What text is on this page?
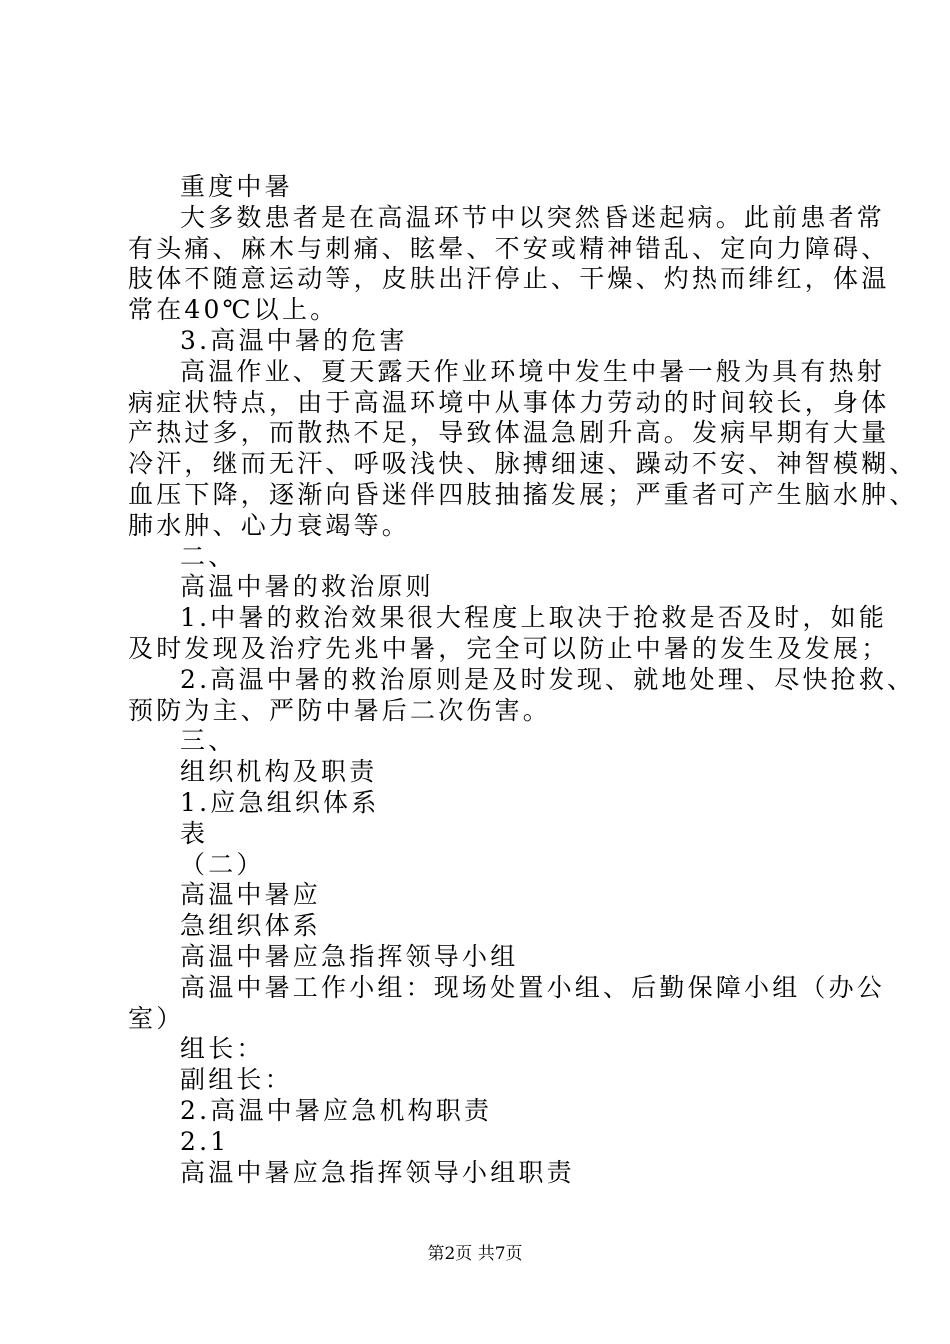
重度中暑
大多数患者是在高温环节中以突然昏迷起病。此前患者常
有头痛、麻木与刺痛、眩晕、不安或精神错乱、定向力障碍、
肢体不随意运动等，皮肤出汗停止、干燥、灼热而绯红，体温
常在40℃以上。
3.高温中暑的危害
高温作业、夏天露天作业环境中发生中暑一般为具有热射
病症状特点，由于高温环境中从事体力劳动的时间较长，身体
产热过多，而散热不足，导致体温急剧升高。发病早期有大量
冷汗，继而无汗、呼吸浅快、脉搏细速、躁动不安、神智模糊、
血压下降，逐渐向昏迷伴四肢抽搐发展；严重者可产生脑水肿、
肺水肿、心力衰竭等。
二、
高温中暑的救治原则
1.中暑的救治效果很大程度上取决于抢救是否及时，如能
及时发现及治疗先兆中暑，完全可以防止中暑的发生及发展；
2.高温中暑的救治原则是及时发现、就地处理、尽快抢救、
预防为主、严防中暑后二次伤害。
三、
组织机构及职责
1.应急组织体系
表
（二）
高温中暑应
急组织体系
高温中暑应急指挥领导小组
高温中暑工作小组：现场处置小组、后勤保障小组（办公
室）
组长：
副组长：
2.高温中暑应急机构职责
2.1
高温中暑应急指挥领导小组职责
第2页 共7页
